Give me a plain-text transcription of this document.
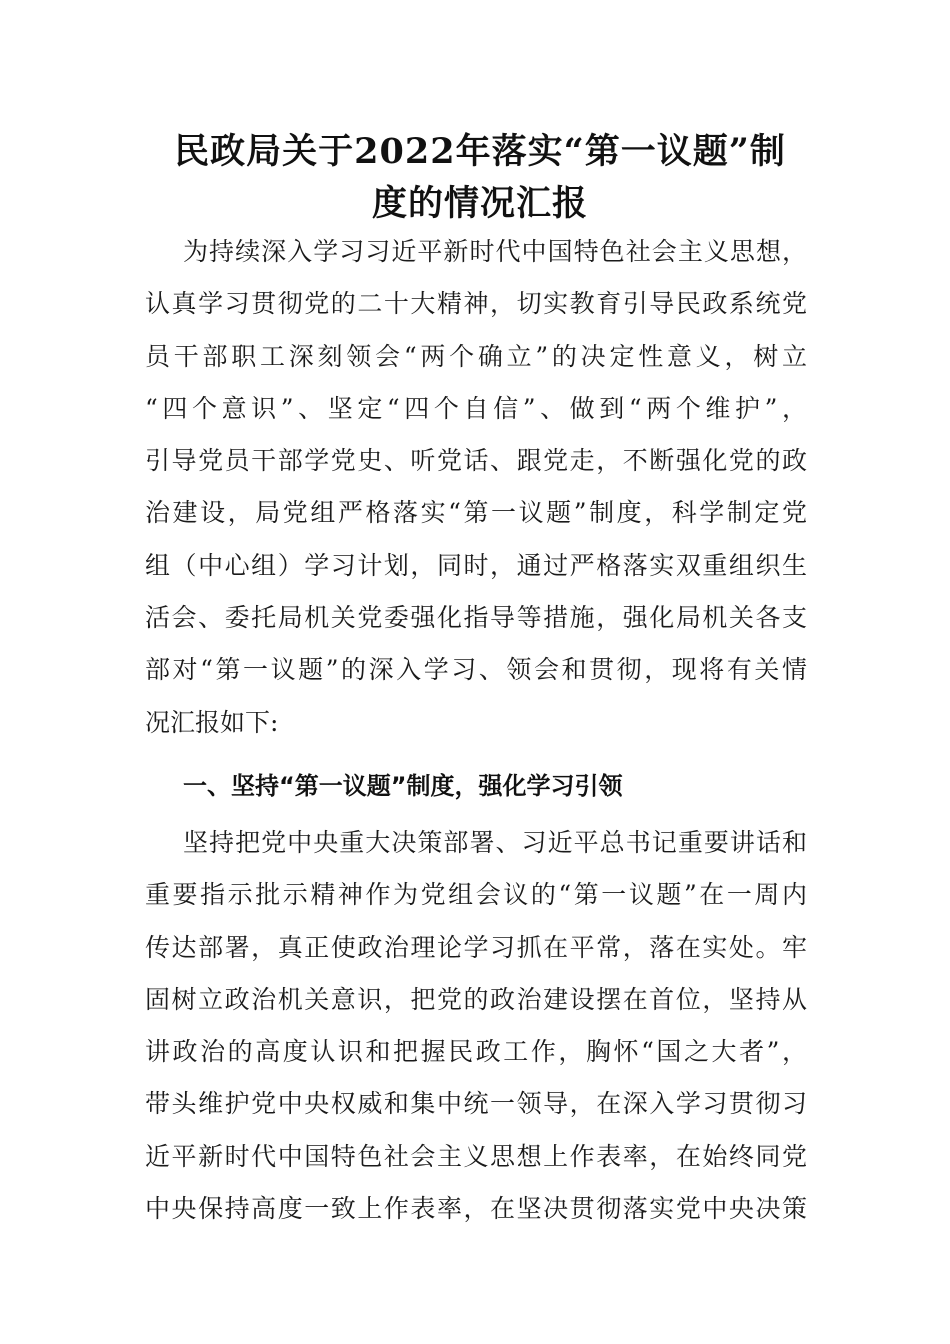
民政局关于2022年落实“第一议题”制
度的情况汇报
为持续深入学习习近平新时代中国特色社会主义思想，
认真学习贯彻党的二十大精神，切实教育引导民政系统党
员干部职工深刻领会“两个确立”的决定性意义，树立
“四个意识”、坚定“四个自信”、做到“两个维护”，
引导党员干部学党史、听党话、跟党走，不断强化党的政
治建设，局党组严格落实“第一议题”制度，科学制定党
组（中心组）学习计划，同时，通过严格落实双重组织生
活会、委托局机关党委强化指导等措施，强化局机关各支
部对“第一议题”的深入学习、领会和贯彻，现将有关情
况汇报如下:
一、坚持“第一议题”制度，强化学习引领
坚持把党中央重大决策部署、习近平总书记重要讲话和
重要指示批示精神作为党组会议的“第一议题”在一周内
传达部署，真正使政治理论学习抓在平常，落在实处。牢
固树立政治机关意识，把党的政治建设摆在首位，坚持从
讲政治的高度认识和把握民政工作，胸怀“国之大者”，
带头维护党中央权威和集中统一领导，在深入学习贯彻习
近平新时代中国特色社会主义思想上作表率，在始终同党
中央保持高度一致上作表率，在坚决贯彻落实党中央决策
